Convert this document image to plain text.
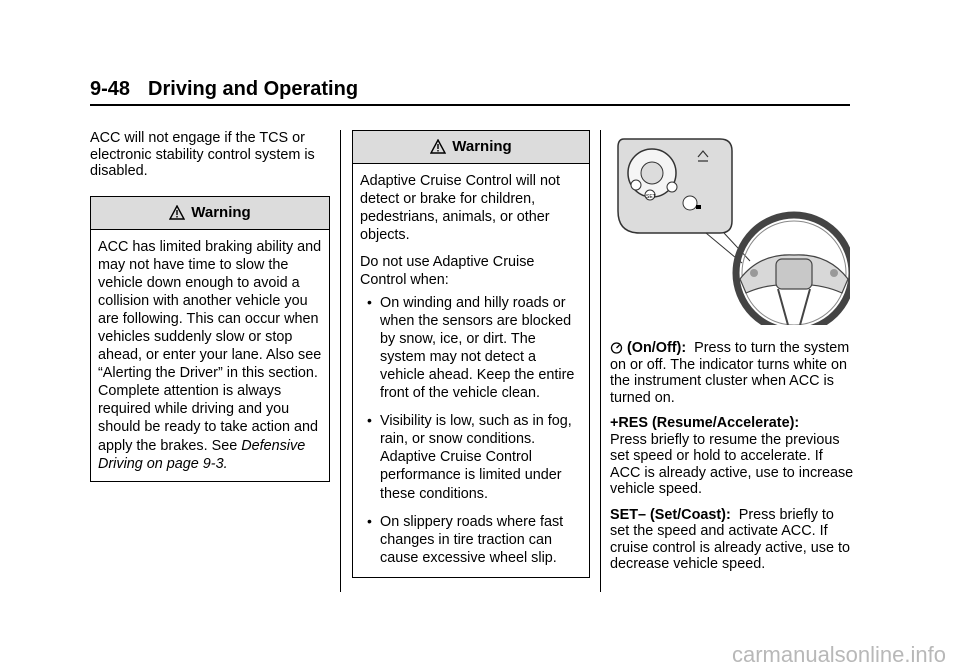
9-48 Driving and Operating

ACC will not engage if the TCS or electronic stability control system is disabled.

Warning
ACC has limited braking ability and may not have time to slow the vehicle down enough to avoid a collision with another vehicle you are following. This can occur when vehicles suddenly slow or stop ahead, or enter your lane. Also see “Alerting the Driver” in this section. Complete attention is always required while driving and you should be ready to take action and apply the brakes. See Defensive Driving on page 9-3.
Warning

Adaptive Cruise Control will not detect or brake for children, pedestrians, animals, or other objects.

Do not use Adaptive Cruise Control when:

• On winding and hilly roads or when the sensors are blocked by snow, ice, or dirt. The system may not detect a vehicle ahead. Keep the entire front of the vehicle clean.
• Visibility is low, such as in fog, rain, or snow conditions. Adaptive Cruise Control performance is limited under these conditions.
• On slippery roads where fast changes in tire traction can cause excessive wheel slip.
SET

(On/Off): Press to turn the system on or off. The indicator turns white on the instrument cluster when ACC is turned on.

+RES (Resume/Accelerate):
Press briefly to resume the previous set speed or hold to accelerate. If ACC is already active, use to increase vehicle speed.

SET– (Set/Coast): Press briefly to set the speed and activate ACC. If cruise control is already active, use to decrease vehicle speed.

carmanualsonline.info
